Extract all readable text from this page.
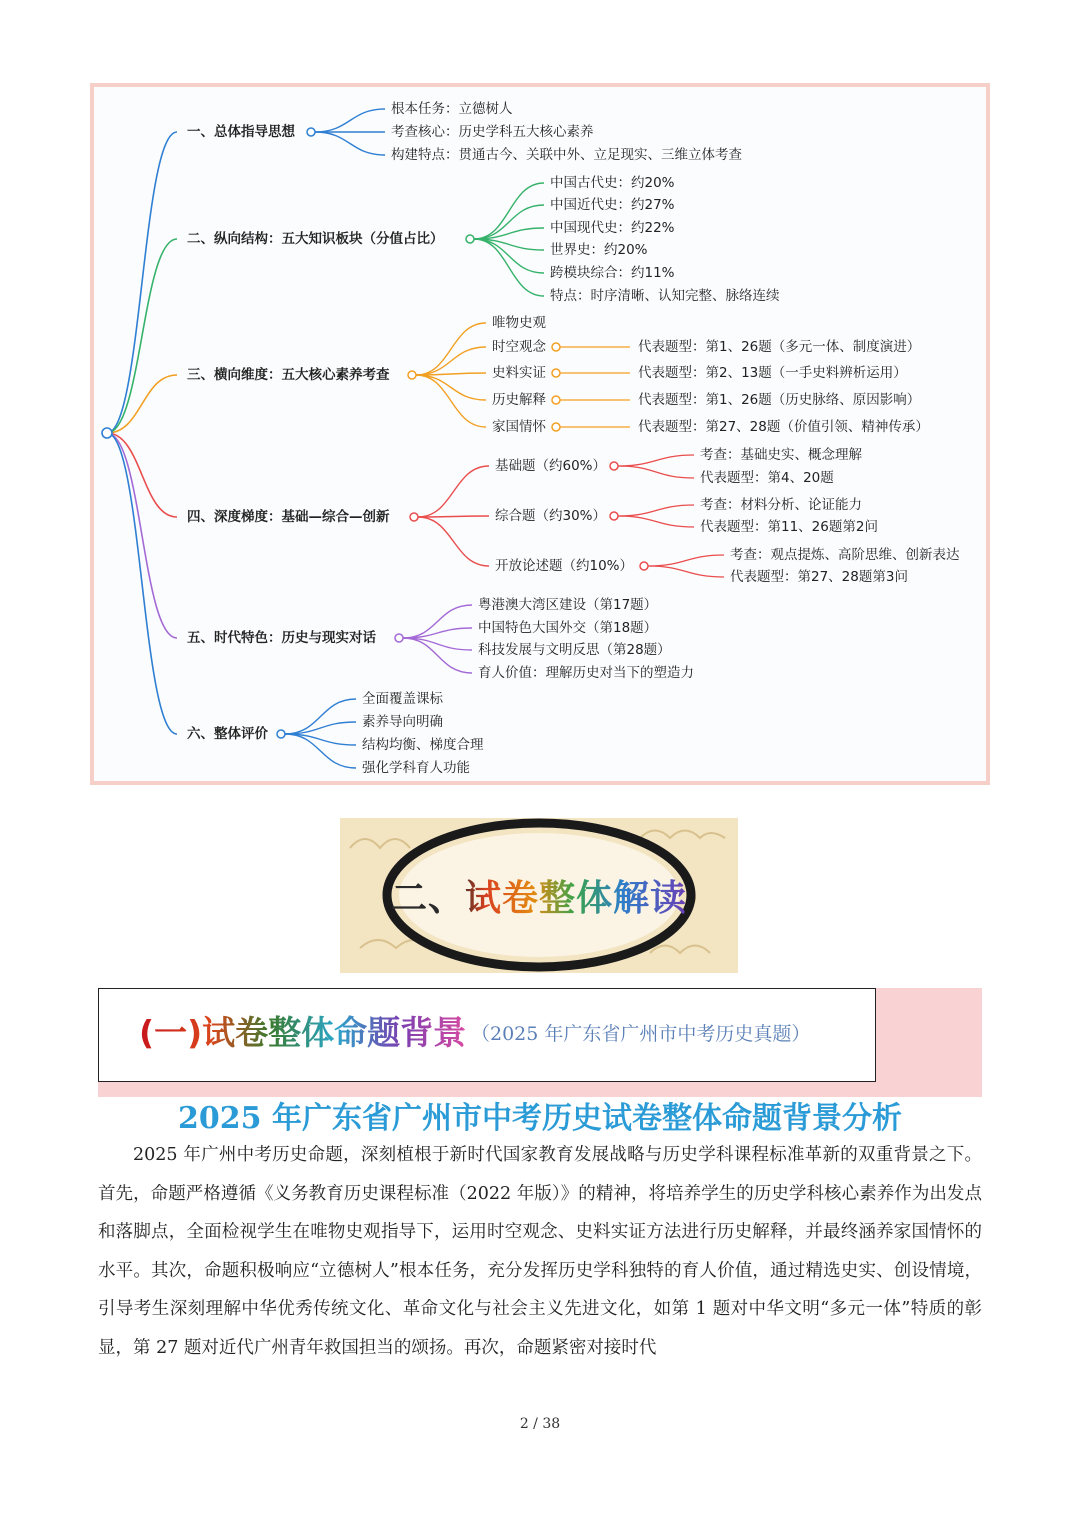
一、总体指导思想
根本任务：立德树人
考查核心：历史学科五大核心素养
构建特点：贯通古今、关联中外、立足现实、三维立体考查
二、纵向结构：五大知识板块（分值占比）
中国古代史：约20%
中国近代史：约27%
中国现代史：约22%
世界史：约20%
跨模块综合：约11%
特点：时序清晰、认知完整、脉络连续
三、横向维度：五大核心素养考查
唯物史观
时空观念	代表题型：第1、26题（多元一体、制度演进）
史料实证	代表题型：第2、13题（一手史料辨析运用）
历史解释	代表题型：第1、26题（历史脉络、原因影响）
家国情怀	代表题型：第27、28题（价值引领、精神传承）
四、深度梯度：基础—综合—创新
基础题（约60%）
考查：基础史实、概念理解
代表题型：第4、20题
综合题（约30%）
考查：材料分析、论证能力
代表题型：第11、26题第2问
开放论述题（约10%）
考查：观点提炼、高阶思维、创新表达
代表题型：第27、28题第3问
五、时代特色：历史与现实对话
粤港澳大湾区建设（第17题）
中国特色大国外交（第18题）
科技发展与文明反思（第28题）
育人价值：理解历史对当下的塑造力
六、整体评价
全面覆盖课标
素养导向明确
结构均衡、梯度合理
强化学科育人功能
二、试卷整体解读
(一)试卷整体命题背景 （2025 年广东省广州市中考历史真题）
2025 年广东省广州市中考历史试卷整体命题背景分析

2025 年广州中考历史命题，深刻植根于新时代国家教育发展战略与历史学科课程标准革新的双重背景之下。首先，命题严格遵循《义务教育历史课程标准（2022 年版）》的精神，将培养学生的历史学科核心素养作为出发点和落脚点，全面检视学生在唯物史观指导下，运用时空观念、史料实证方法进行历史解释，并最终涵养家国情怀的水平。其次，命题积极响应“立德树人”根本任务，充分发挥历史学科独特的育人价值，通过精选史实、创设情境，引导考生深刻理解中华优秀传统文化、革命文化与社会主义先进文化，如第 1 题对中华文明“多元一体”特质的彰显，第 27 题对近代广州青年救国担当的颂扬。再次，命题紧密对接时代

2 / 38
